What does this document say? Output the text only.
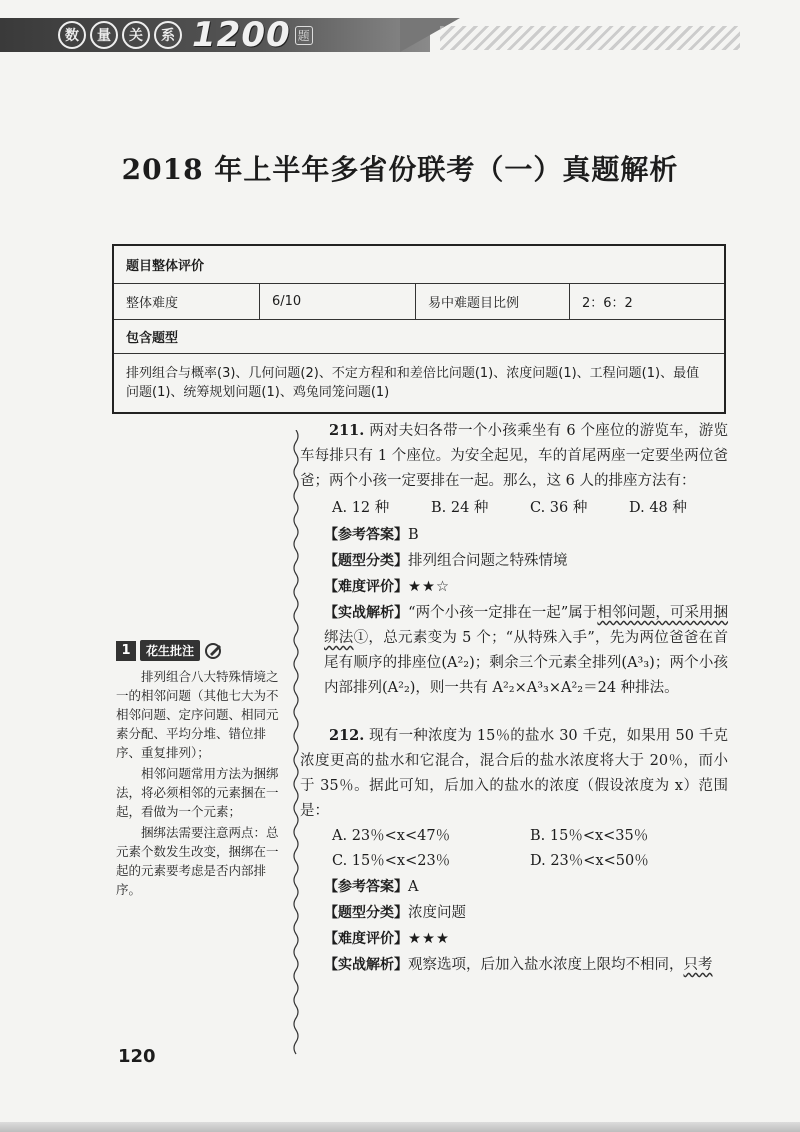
数	量	关	系 1200 题
2018 年上半年多省份联考（一）真题解析
题目整体评价
整体难度	6/10	易中难题目比例	2：6：2
包含题型
排列组合与概率(3)、几何问题(2)、不定方程和和差倍比问题(1)、浓度问题(1)、工程问题(1)、最值问题(1)、统筹规划问题(1)、鸡兔同笼问题(1)
1	花生批注

排列组合八大特殊情境之一的相邻问题（其他七大为不相邻问题、定序问题、相同元素分配、平均分堆、错位排序、重复排列）；

相邻问题常用方法为捆绑法，将必须相邻的元素捆在一起，看做为一个元素；

捆绑法需要注意两点：总元素个数发生改变，捆绑在一起的元素要考虑是否内部排序。

211. 两对夫妇各带一个小孩乘坐有 6 个座位的游览车，游览车每排只有 1 个座位。为安全起见，车的首尾两座一定要坐两位爸爸；两个小孩一定要排在一起。那么，这 6 人的排座方法有：

A. 12 种	B. 24 种	C. 36 种	D. 48 种
【参考答案】B
【题型分类】排列组合问题之特殊情境
【难度评价】★★☆

【实战解析】“两个小孩一定排在一起”属于相邻问题，可采用捆绑法①，总元素变为 5 个；“从特殊入手”，先为两位爸爸在首尾有顺序的排座位(A²₂)；剩余三个元素全排列(A³₃)；两个小孩内部排列(A²₂)，则一共有 A²₂×A³₃×A²₂＝24 种排法。

212. 现有一种浓度为 15％的盐水 30 千克，如果用 50 千克浓度更高的盐水和它混合，混合后的盐水浓度将大于 20％，而小于 35％。据此可知，后加入的盐水的浓度（假设浓度为 x）范围是：

A. 23％<x<47％	B. 15％<x<35％
C. 15％<x<23％	D. 23％<x<50％
【参考答案】A
【题型分类】浓度问题
【难度评价】★★★

【实战解析】观察选项，后加入盐水浓度上限均不相同，只考

120
